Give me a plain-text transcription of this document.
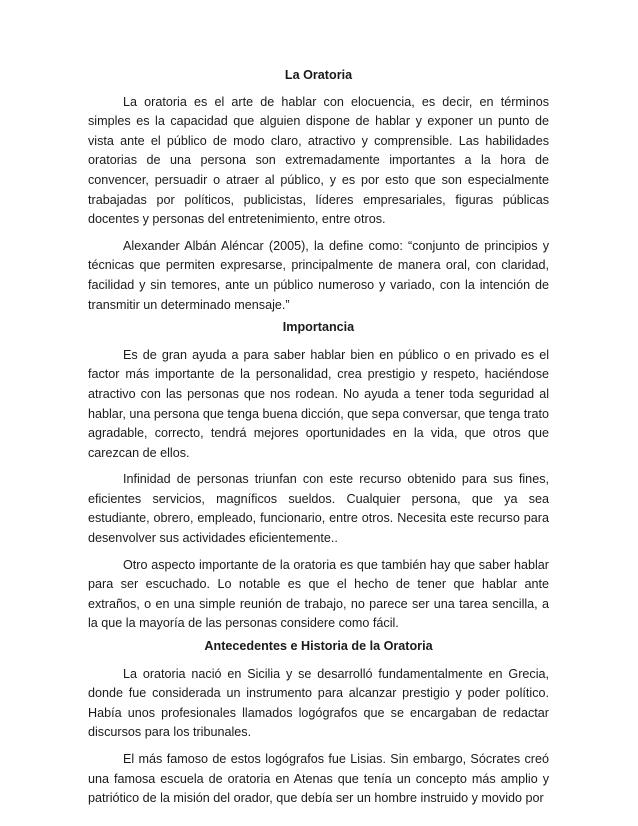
La Oratoria

La oratoria es el arte de hablar con elocuencia, es decir, en términos simples es la capacidad que alguien dispone de hablar y exponer un punto de vista ante el público de modo claro, atractivo y comprensible. Las habilidades oratorias de una persona son extremadamente importantes a la hora de convencer, persuadir o atraer al público, y es por esto que son especialmente trabajadas por políticos, publicistas, líderes empresariales, figuras públicas docentes y personas del entretenimiento, entre otros.

Alexander Albán Aléncar (2005), la define como: “conjunto de principios y técnicas que permiten expresarse, principalmente de manera oral, con claridad, facilidad y sin temores, ante un público numeroso y variado, con la intención de transmitir un determinado mensaje.”

Importancia

Es de gran ayuda a para saber hablar bien en público o en privado es el factor más importante de la personalidad, crea prestigio y respeto, haciéndose atractivo con las personas que nos rodean. No ayuda a tener toda seguridad al hablar, una persona que tenga buena dicción, que sepa conversar, que tenga trato agradable, correcto, tendrá mejores oportunidades en la vida, que otros que carezcan de ellos.

Infinidad de personas triunfan con este recurso obtenido para sus fines, eficientes servicios, magníficos sueldos. Cualquier persona, que ya sea estudiante, obrero, empleado, funcionario, entre otros. Necesita este recurso para desenvolver sus actividades eficientemente..

Otro aspecto importante de la oratoria es que también hay que saber hablar para ser escuchado. Lo notable es que el hecho de tener que hablar ante extraños, o en una simple reunión de trabajo, no parece ser una tarea sencilla, a la que la mayoría de las personas considere como fácil.

Antecedentes e Historia de la Oratoria

La oratoria nació en Sicilia y se desarrolló fundamentalmente en Grecia, donde fue considerada un instrumento para alcanzar prestigio y poder político. Había unos profesionales llamados logógrafos que se encargaban de redactar discursos para los tribunales.

El más famoso de estos logógrafos fue Lisias. Sin embargo, Sócrates creó una famosa escuela de oratoria en Atenas que tenía un concepto más amplio y patriótico de la misión del orador, que debía ser un hombre instruido y movido por
